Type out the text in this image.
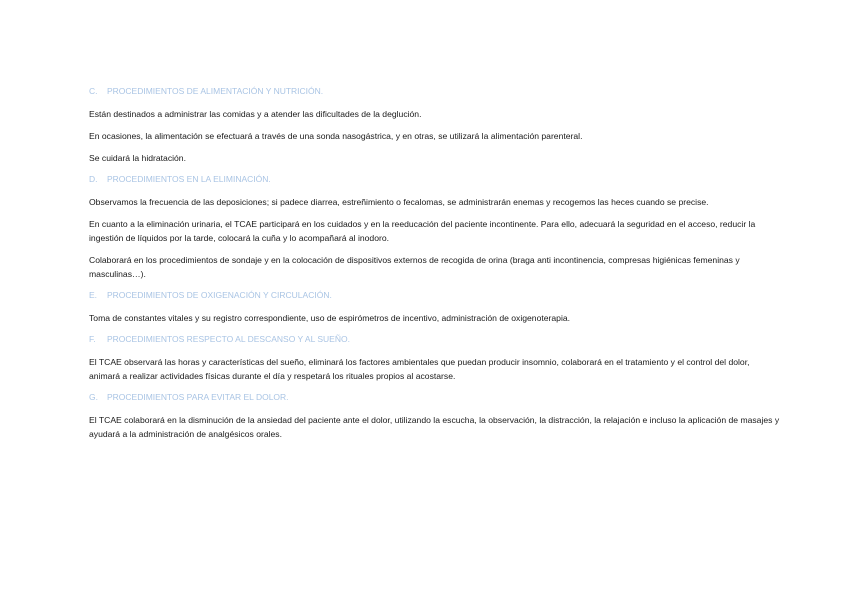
C. PROCEDIMIENTOS DE ALIMENTACIÓN Y NUTRICIÓN.

Están destinados a administrar las comidas y a atender las dificultades de la deglución.

En ocasiones, la alimentación se efectuará a través de una sonda nasogástrica, y en otras, se utilizará la alimentación parenteral.

Se cuidará la hidratación.

D. PROCEDIMIENTOS EN LA ELIMINACIÓN.

Observamos la frecuencia de las deposiciones; si padece diarrea, estreñimiento o fecalomas, se administrarán enemas y recogemos las heces cuando se precise.

En cuanto a la eliminación urinaria, el TCAE participará en los cuidados y en la reeducación del paciente incontinente. Para ello, adecuará la seguridad en el acceso, reducir la ingestión de líquidos por la tarde, colocará la cuña y lo acompañará al inodoro.

Colaborará en los procedimientos de sondaje y en la colocación de dispositivos externos de recogida de orina (braga anti incontinencia, compresas higiénicas femeninas y masculinas…).

E. PROCEDIMIENTOS DE OXIGENACIÓN Y CIRCULACIÓN.

Toma de constantes vitales y su registro correspondiente, uso de espirómetros de incentivo, administración de oxigenoterapia.

F. PROCEDIMIENTOS RESPECTO AL DESCANSO Y AL SUEÑO.

El TCAE observará las horas y características del sueño, eliminará los factores ambientales que puedan producir insomnio, colaborará en el tratamiento y el control del dolor, animará a realizar actividades físicas durante el día y respetará los rituales propios al acostarse.

G. PROCEDIMIENTOS PARA EVITAR EL DOLOR.

El TCAE colaborará en la disminución de la ansiedad del paciente ante el dolor, utilizando la escucha, la observación, la distracción, la relajación e incluso la aplicación de masajes y ayudará a la administración de analgésicos orales.
